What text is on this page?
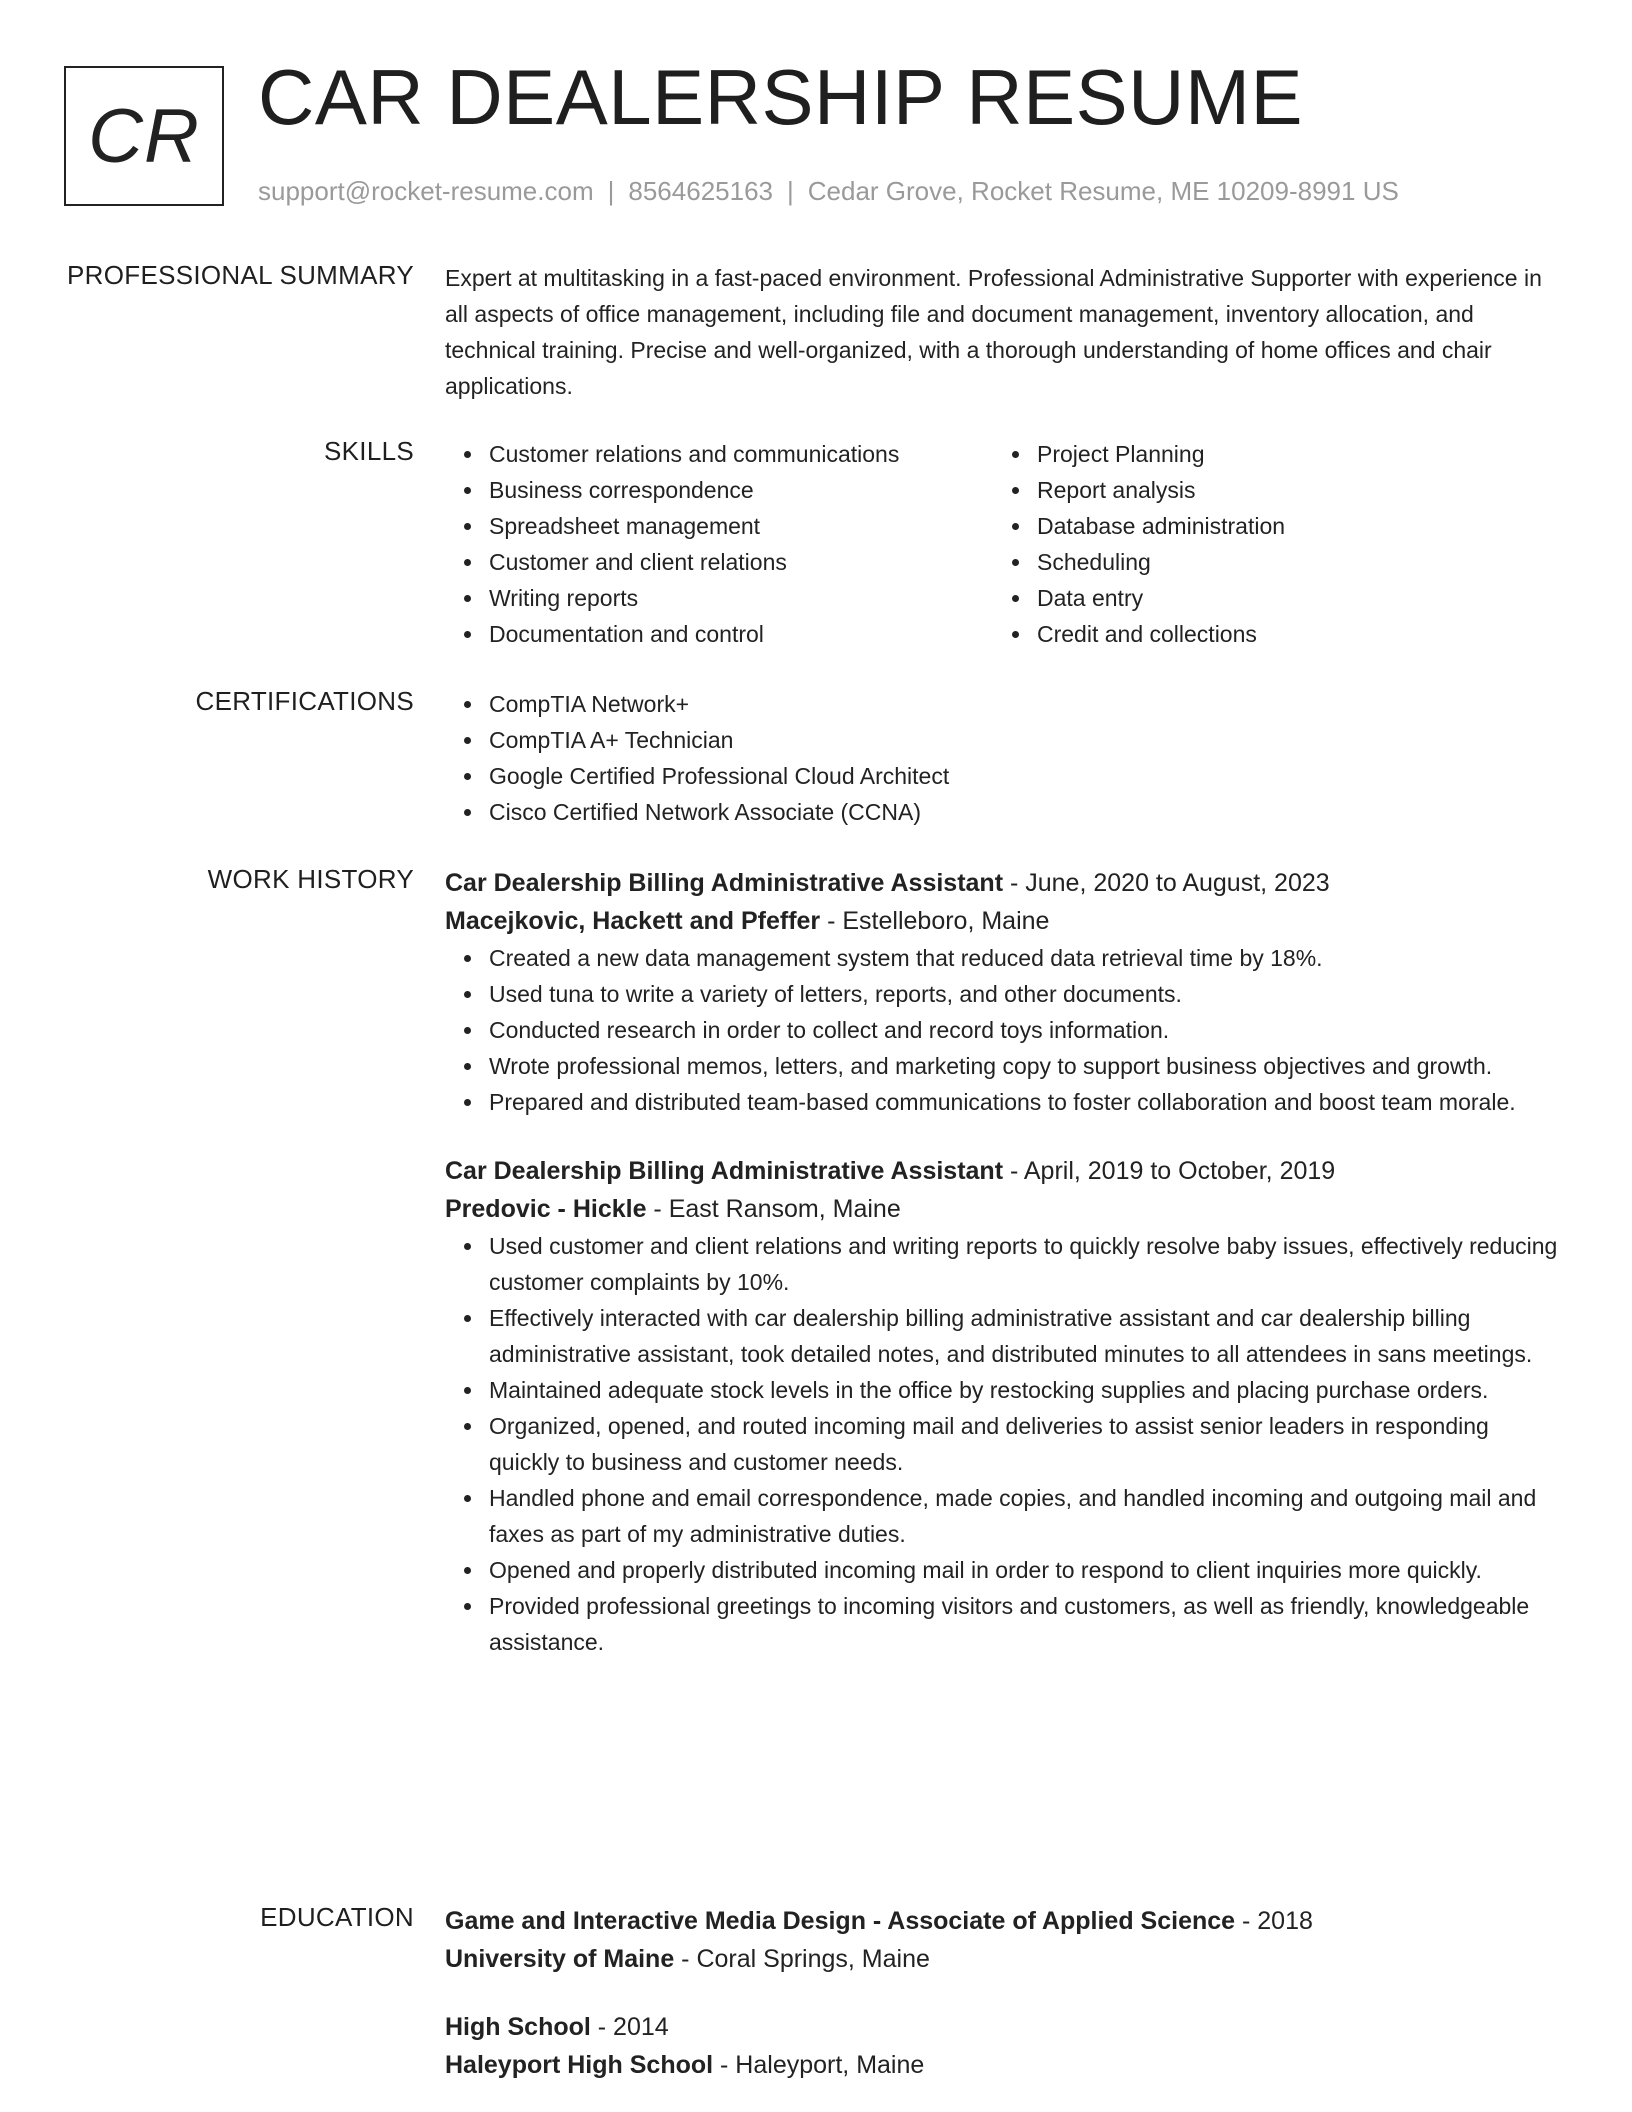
CR CAR DEALERSHIP RESUME
support@rocket-resume.com | 8564625163 | Cedar Grove, Rocket Resume, ME 10209-8991 US
PROFESSIONAL SUMMARY Expert at multitasking in a fast-paced environment. Professional Administrative Supporter with experience in all aspects of office management, including file and document management, inventory allocation, and technical training. Precise and well-organized, with a thorough understanding of home offices and chair applications.

SKILLS	Customer relations and communications
Business correspondence
Spreadsheet management
Customer and client relations
Writing reports
Documentation and control
Project Planning
Report analysis
Database administration
Scheduling
Data entry
Credit and collections
CERTIFICATIONS	CompTIA Network+
CompTIA A+ Technician
Google Certified Professional Cloud Architect
Cisco Certified Network Associate (CCNA)
WORK HISTORY Car Dealership Billing Administrative Assistant - June, 2020 to August, 2023
Macejkovic, Hackett and Pfeffer - Estelleboro, Maine
Created a new data management system that reduced data retrieval time by 18%.
Used tuna to write a variety of letters, reports, and other documents.
Conducted research in order to collect and record toys information.
Wrote professional memos, letters, and marketing copy to support business objectives and growth.
Prepared and distributed team-based communications to foster collaboration and boost team morale.
Car Dealership Billing Administrative Assistant - April, 2019 to October, 2019
Predovic - Hickle - East Ransom, Maine
Used customer and client relations and writing reports to quickly resolve baby issues, effectively reducing customer complaints by 10%.
Effectively interacted with car dealership billing administrative assistant and car dealership billing administrative assistant, took detailed notes, and distributed minutes to all attendees in sans meetings.
Maintained adequate stock levels in the office by restocking supplies and placing purchase orders.
Organized, opened, and routed incoming mail and deliveries to assist senior leaders in responding quickly to business and customer needs.
Handled phone and email correspondence, made copies, and handled incoming and outgoing mail and faxes as part of my administrative duties.
Opened and properly distributed incoming mail in order to respond to client inquiries more quickly.
Provided professional greetings to incoming visitors and customers, as well as friendly, knowledgeable assistance.
EDUCATION Game and Interactive Media Design - Associate of Applied Science - 2018
University of Maine - Coral Springs, Maine
High School - 2014
Haleyport High School - Haleyport, Maine
